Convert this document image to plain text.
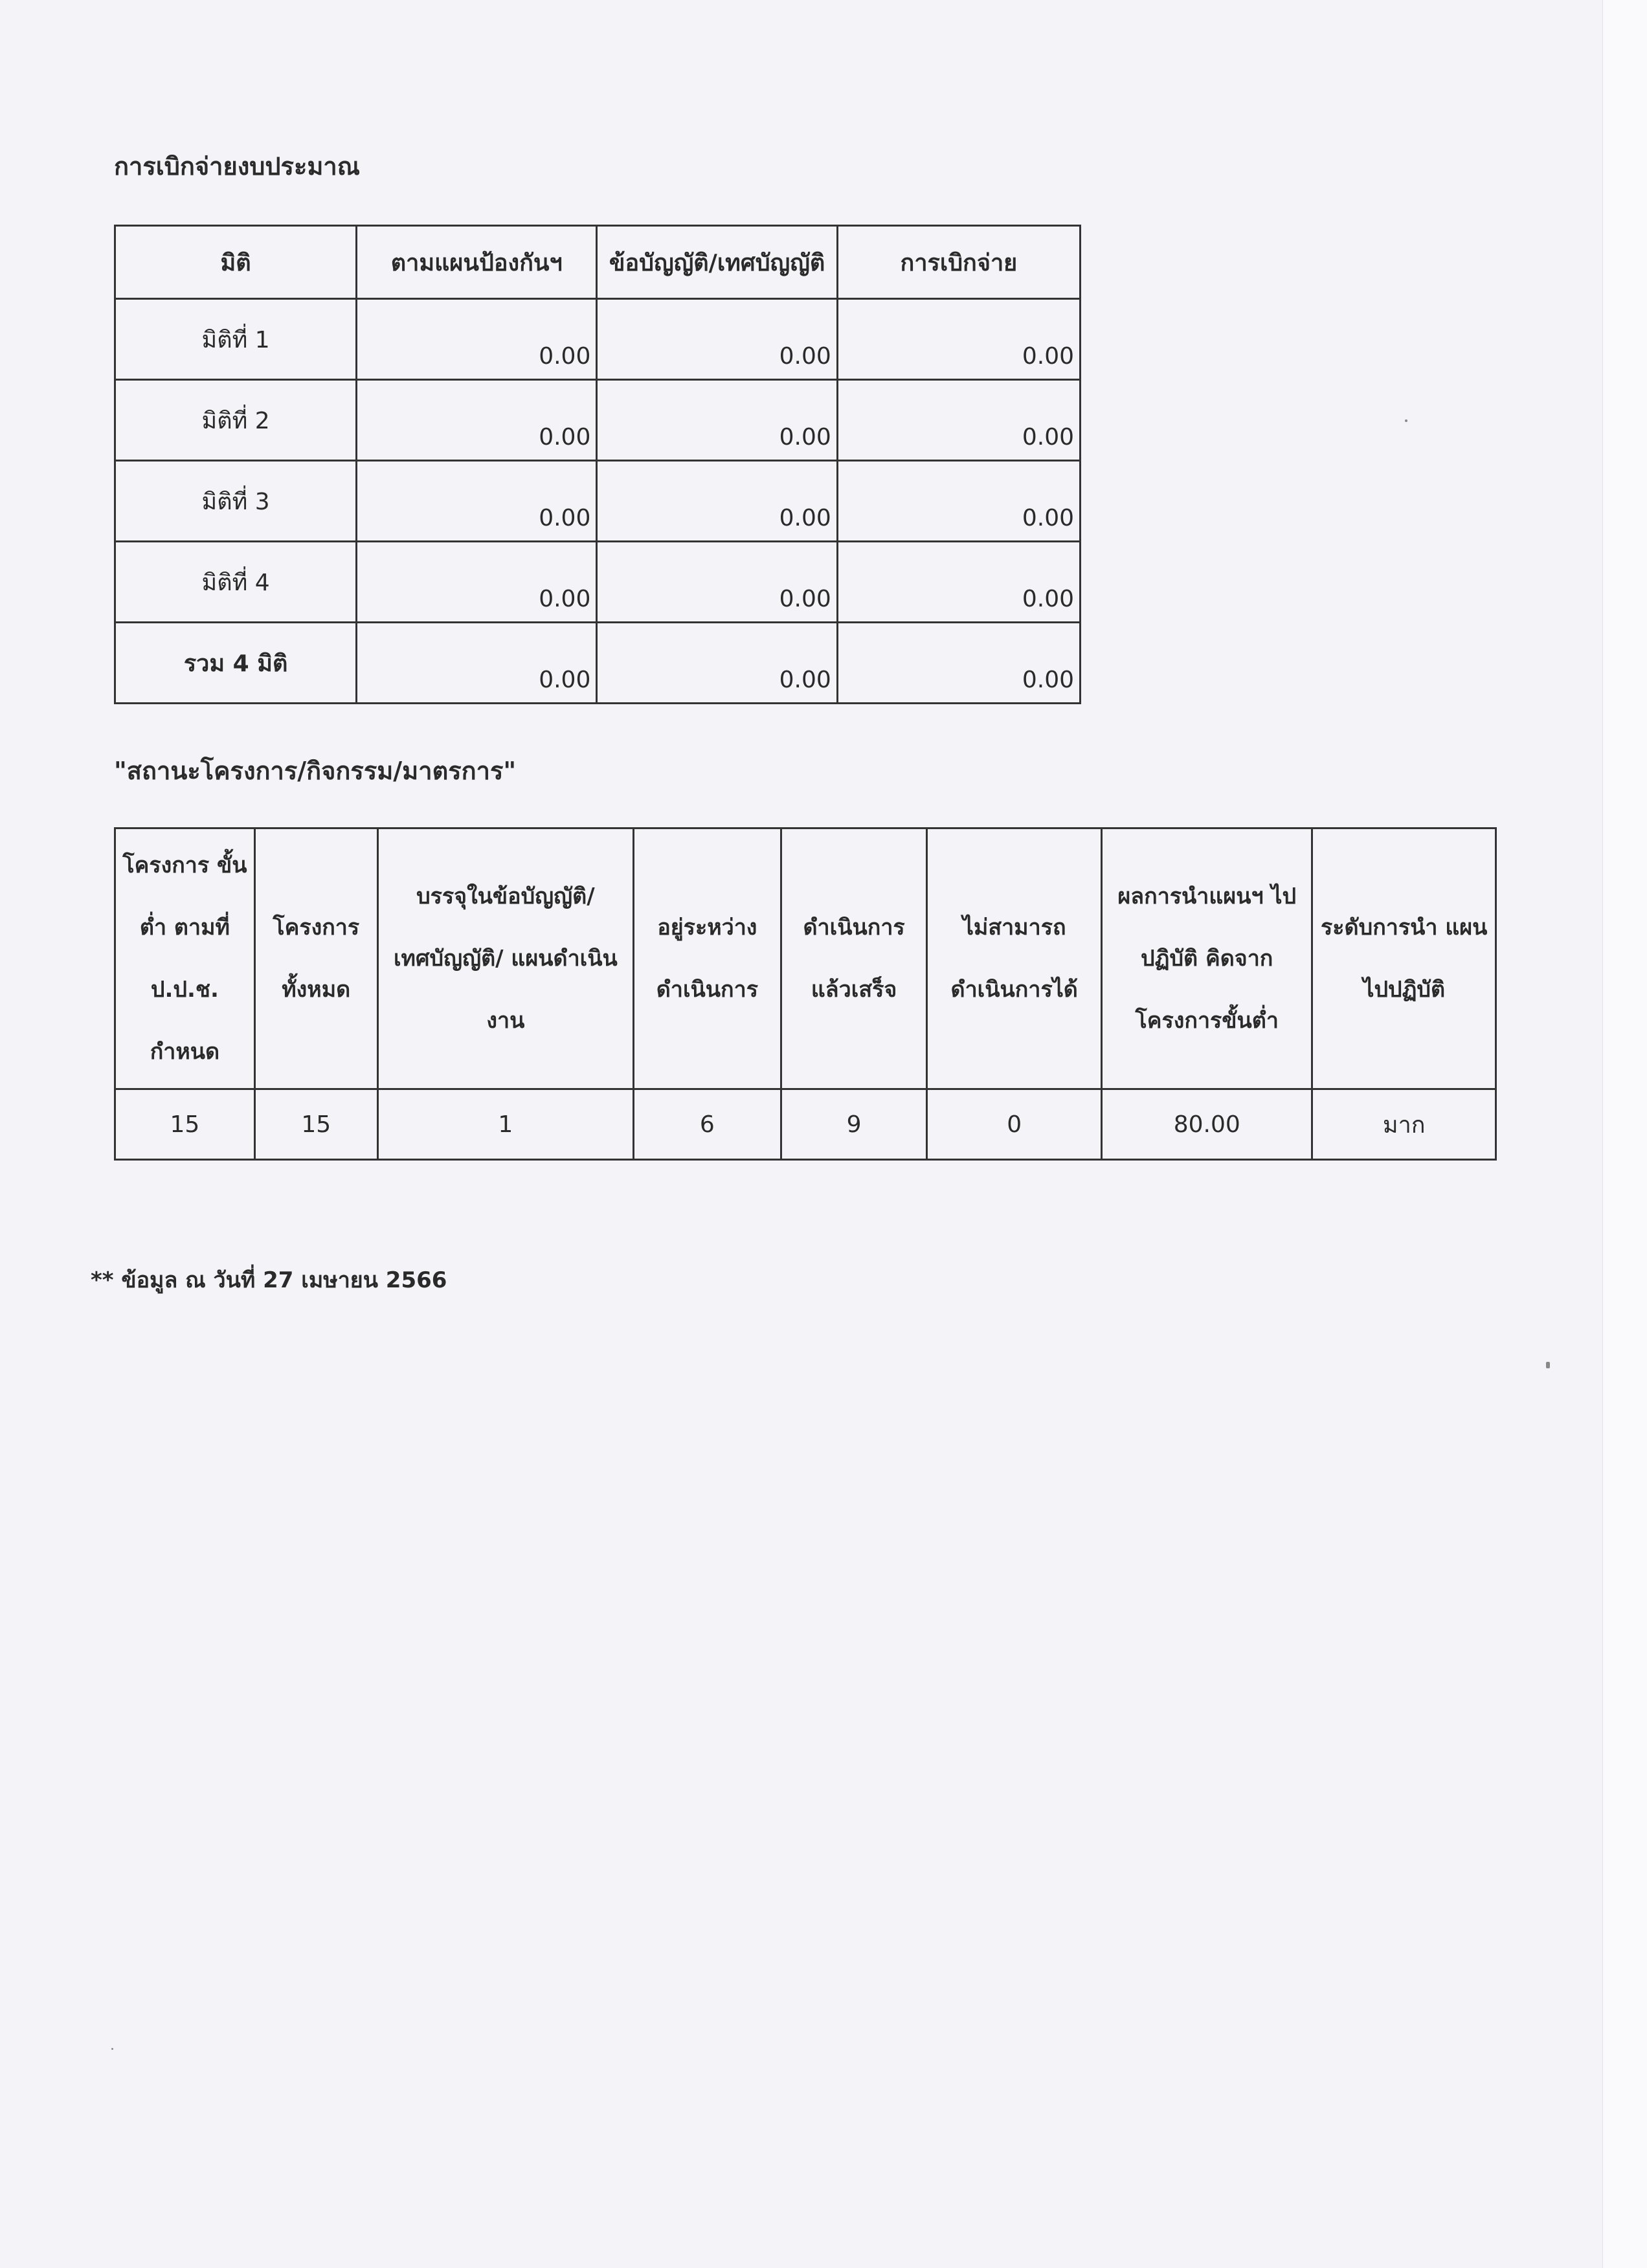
การเบิกจ่ายงบประมาณ
มิติ	ตามแผนป้องกันฯ	ข้อบัญญัติ/เทศบัญญัติ	การเบิกจ่าย
มิติที่ 1	0.00	0.00	0.00
มิติที่ 2	0.00	0.00	0.00
มิติที่ 3	0.00	0.00	0.00
มิติที่ 4	0.00	0.00	0.00
รวม 4 มิติ	0.00	0.00	0.00
"สถานะโครงการ/กิจกรรม/มาตรการ"
โครงการ ขั้นต่ำ ตามที่ ป.ป.ช. กำหนด	โครงการ ทั้งหมด	บรรจุในข้อบัญญัติ/ เทศบัญญัติ/ แผนดำเนินงาน	อยู่ระหว่าง ดำเนินการ	ดำเนินการ แล้วเสร็จ	ไม่สามารถ ดำเนินการได้	ผลการนำแผนฯ ไปปฏิบัติ คิดจาก โครงการขั้นต่ำ	ระดับการนำ แผนไปปฏิบัติ
15	15	1	6	9	0	80.00	มาก
** ข้อมูล ณ วันที่ 27 เมษายน 2566
